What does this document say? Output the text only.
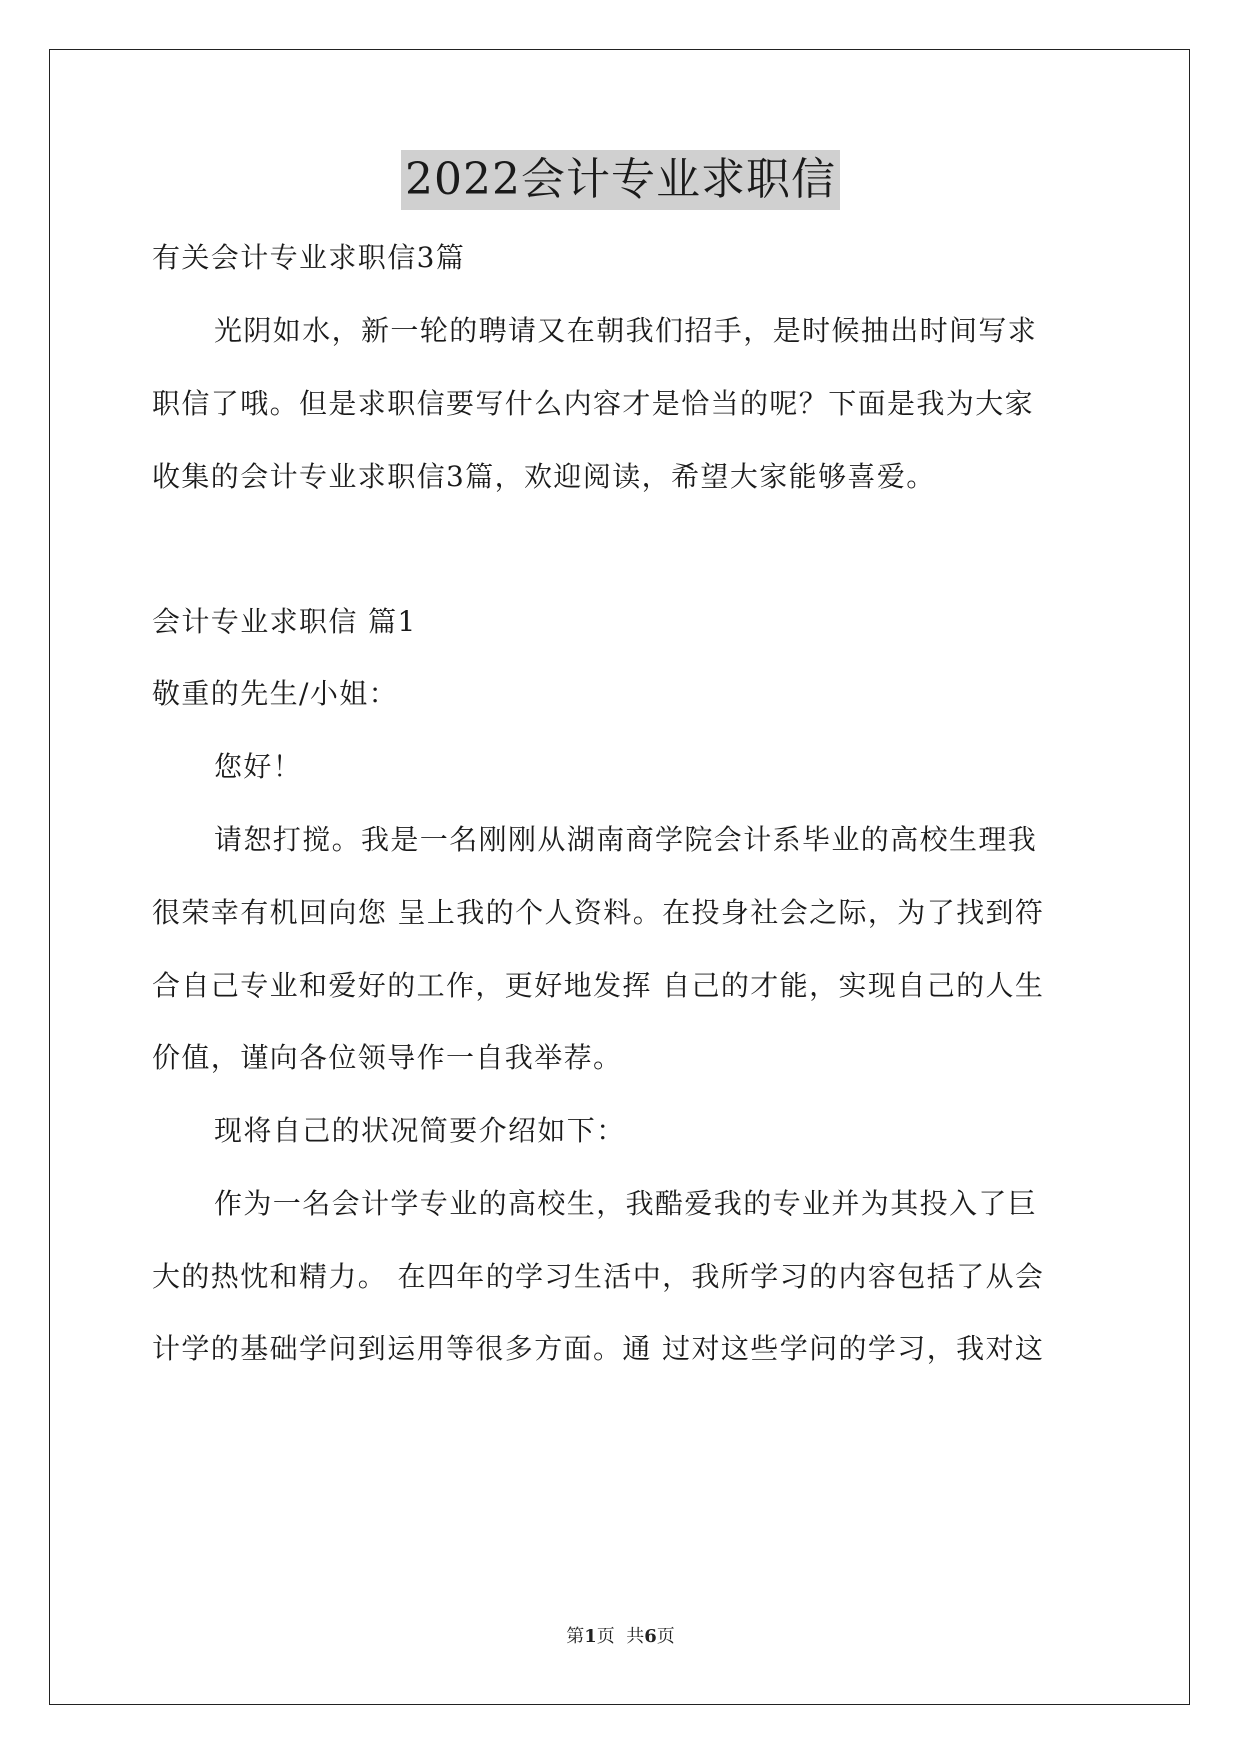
2022会计专业求职信
有关会计专业求职信3篇
光阴如水，新一轮的聘请又在朝我们招手，是时候抽出时间写求
职信了哦。但是求职信要写什么内容才是恰当的呢？下面是我为大家
收集的会计专业求职信3篇，欢迎阅读，希望大家能够喜爱。
会计专业求职信 篇1
敬重的先生/小姐：
您好！
请恕打搅。我是一名刚刚从湖南商学院会计系毕业的高校生理我
很荣幸有机回向您 呈上我的个人资料。在投身社会之际，为了找到符
合自己专业和爱好的工作，更好地发挥 自己的才能，实现自己的人生
价值，谨向各位领导作一自我举荐。
现将自己的状况简要介绍如下：
作为一名会计学专业的高校生，我酷爱我的专业并为其投入了巨
大的热忱和精力。 在四年的学习生活中，我所学习的内容包括了从会
计学的基础学问到运用等很多方面。通 过对这些学问的学习，我对这
第1页  共6页
